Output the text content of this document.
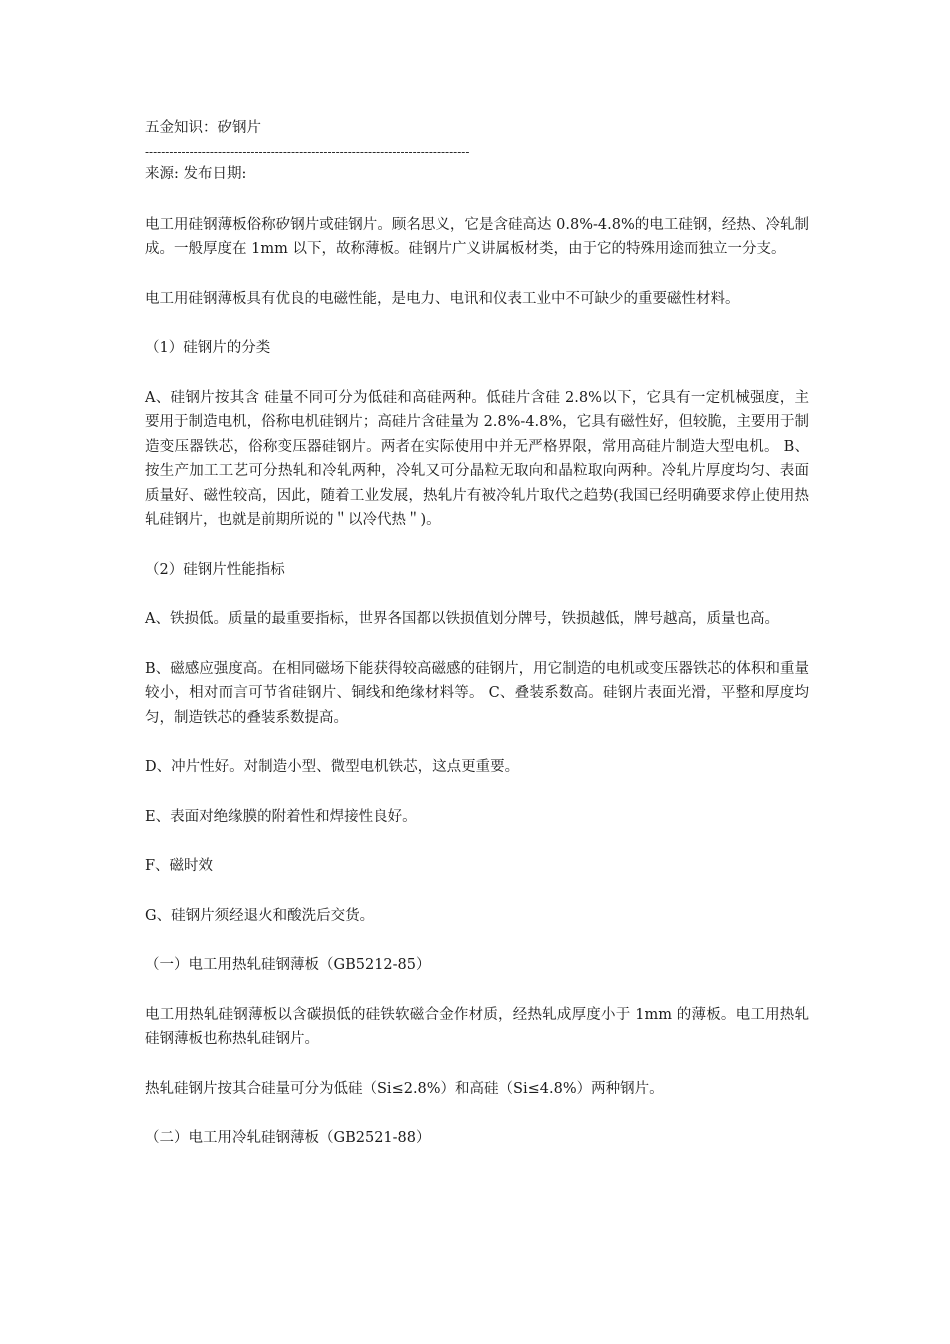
五金知识：矽钢片

--------------------------------------------------------------------------------

来源: 发布日期:

电工用硅钢薄板俗称矽钢片或硅钢片。顾名思义，它是含硅高达 0.8%-4.8%的电工硅钢，经热、冷轧制成。一般厚度在 1mm 以下，故称薄板。硅钢片广义讲属板材类，由于它的特殊用途而独立一分支。

电工用硅钢薄板具有优良的电磁性能，是电力、电讯和仪表工业中不可缺少的重要磁性材料。

（1）硅钢片的分类

A、硅钢片按其含 硅量不同可分为低硅和高硅两种。低硅片含硅 2.8%以下，它具有一定机械强度，主要用于制造电机，俗称电机硅钢片；高硅片含硅量为 2.8%-4.8%，它具有磁性好，但较脆，主要用于制造变压器铁芯，俗称变压器硅钢片。两者在实际使用中并无严格界限，常用高硅片制造大型电机。 B、按生产加工工艺可分热轧和冷轧两种，冷轧又可分晶粒无取向和晶粒取向两种。冷轧片厚度均匀、表面质量好、磁性较高，因此，随着工业发展，热轧片有被冷轧片取代之趋势(我国已经明确要求停止使用热轧硅钢片，也就是前期所说的＂以冷代热＂)。

（2）硅钢片性能指标

A、铁损低。质量的最重要指标，世界各国都以铁损值划分牌号，铁损越低，牌号越高，质量也高。

B、磁感应强度高。在相同磁场下能获得较高磁感的硅钢片，用它制造的电机或变压器铁芯的体积和重量较小，相对而言可节省硅钢片、铜线和绝缘材料等。 C、叠装系数高。硅钢片表面光滑，平整和厚度均匀，制造铁芯的叠装系数提高。

D、冲片性好。对制造小型、微型电机铁芯，这点更重要。

E、表面对绝缘膜的附着性和焊接性良好。

F、磁时效

G、硅钢片须经退火和酸洗后交货。

（一）电工用热轧硅钢薄板（GB5212-85）

电工用热轧硅钢薄板以含碳损低的硅铁软磁合金作材质，经热轧成厚度小于 1mm 的薄板。电工用热轧硅钢薄板也称热轧硅钢片。

热轧硅钢片按其合硅量可分为低硅（Si≤2.8%）和高硅（Si≤4.8%）两种钢片。

（二）电工用冷轧硅钢薄板（GB2521-88）
